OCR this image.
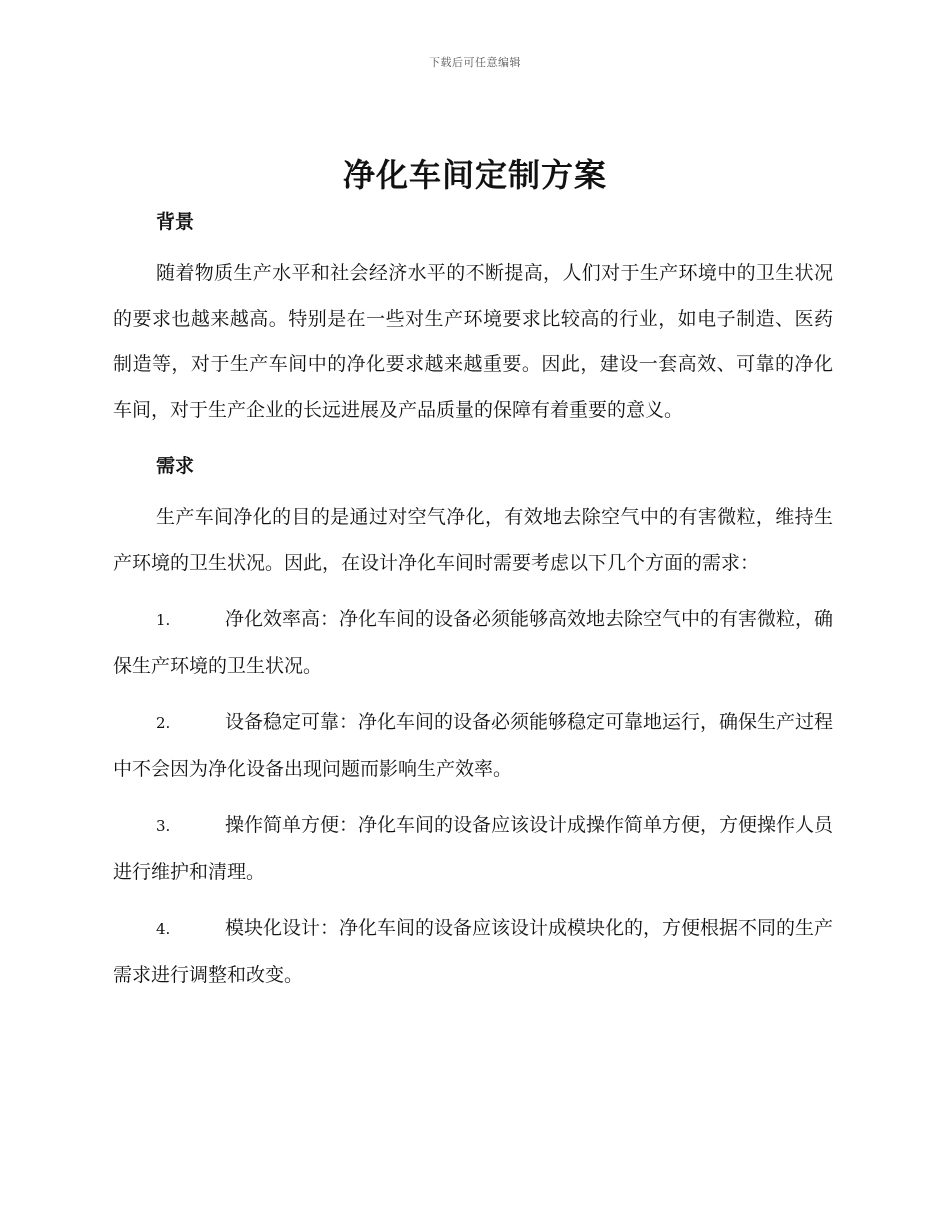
下载后可任意编辑
净化车间定制方案
背景

随着物质生产水平和社会经济水平的不断提高，人们对于生产环境中的卫生状况的要求也越来越高。特别是在一些对生产环境要求比较高的行业，如电子制造、医药制造等，对于生产车间中的净化要求越来越重要。因此，建设一套高效、可靠的净化车间，对于生产企业的长远进展及产品质量的保障有着重要的意义。

需求

生产车间净化的目的是通过对空气净化，有效地去除空气中的有害微粒，维持生产环境的卫生状况。因此，在设计净化车间时需要考虑以下几个方面的需求：

1.	净化效率高：净化车间的设备必须能够高效地去除空气中的有害微粒，确保生产环境的卫生状况。

2.	设备稳定可靠：净化车间的设备必须能够稳定可靠地运行，确保生产过程中不会因为净化设备出现问题而影响生产效率。

3.	操作简单方便：净化车间的设备应该设计成操作简单方便，方便操作人员进行维护和清理。

4.	模块化设计：净化车间的设备应该设计成模块化的，方便根据不同的生产需求进行调整和改变。
